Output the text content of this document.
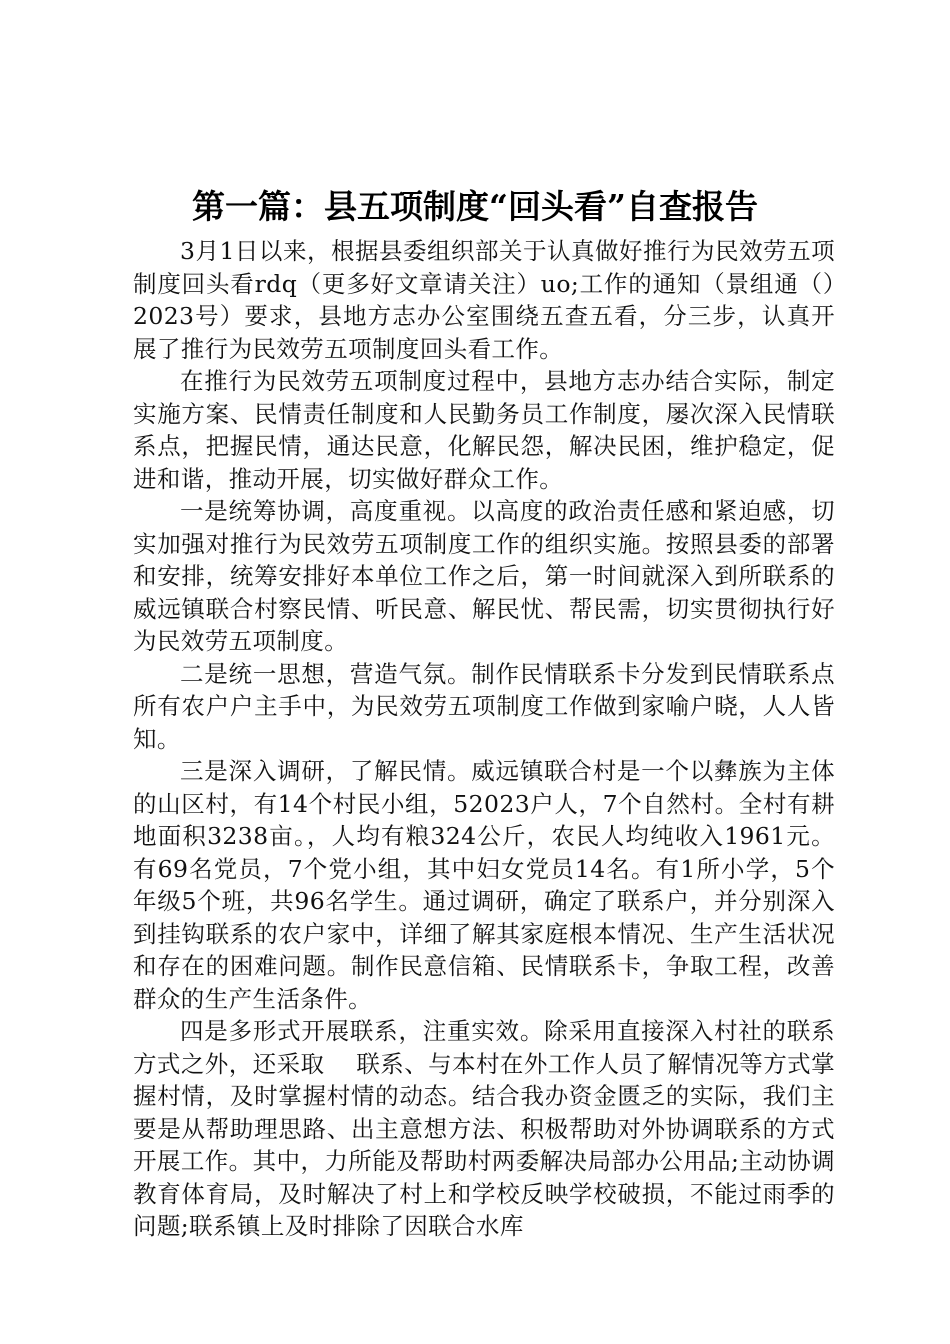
第一篇：县五项制度“回头看”自查报告

3月1日以来，根据县委组织部关于认真做好推行为民效劳五项制度回头看rdq（更多好文章请关注）uo;工作的通知（景组通（）2023号）要求，县地方志办公室围绕五查五看，分三步，认真开展了推行为民效劳五项制度回头看工作。

在推行为民效劳五项制度过程中，县地方志办结合实际，制定实施方案、民情责任制度和人民勤务员工作制度，屡次深入民情联系点，把握民情，通达民意，化解民怨，解决民困，维护稳定，促进和谐，推动开展，切实做好群众工作。

一是统筹协调，高度重视。以高度的政治责任感和紧迫感，切实加强对推行为民效劳五项制度工作的组织实施。按照县委的部署和安排，统筹安排好本单位工作之后，第一时间就深入到所联系的威远镇联合村察民情、听民意、解民忧、帮民需，切实贯彻执行好为民效劳五项制度。

二是统一思想，营造气氛。制作民情联系卡分发到民情联系点所有农户户主手中，为民效劳五项制度工作做到家喻户晓，人人皆知。

三是深入调研，了解民情。威远镇联合村是一个以彝族为主体的山区村，有14个村民小组，52023户人，7个自然村。全村有耕地面积3238亩。，人均有粮324公斤，农民人均纯收入1961元。有69名党员，7个党小组，其中妇女党员14名。有1所小学，5个年级5个班，共96名学生。通过调研，确定了联系户，并分别深入到挂钩联系的农户家中，详细了解其家庭根本情况、生产生活状况和存在的困难问题。制作民意信箱、民情联系卡，争取工程，改善群众的生产生活条件。

四是多形式开展联系，注重实效。除采用直接深入村社的联系方式之外，还采取　 联系、与本村在外工作人员了解情况等方式掌握村情，及时掌握村情的动态。结合我办资金匮乏的实际，我们主要是从帮助理思路、出主意想方法、积极帮助对外协调联系的方式开展工作。其中，力所能及帮助村两委解决局部办公用品;主动协调教育体育局，及时解决了村上和学校反映学校破损，不能过雨季的问题;联系镇上及时排除了因联合水库
